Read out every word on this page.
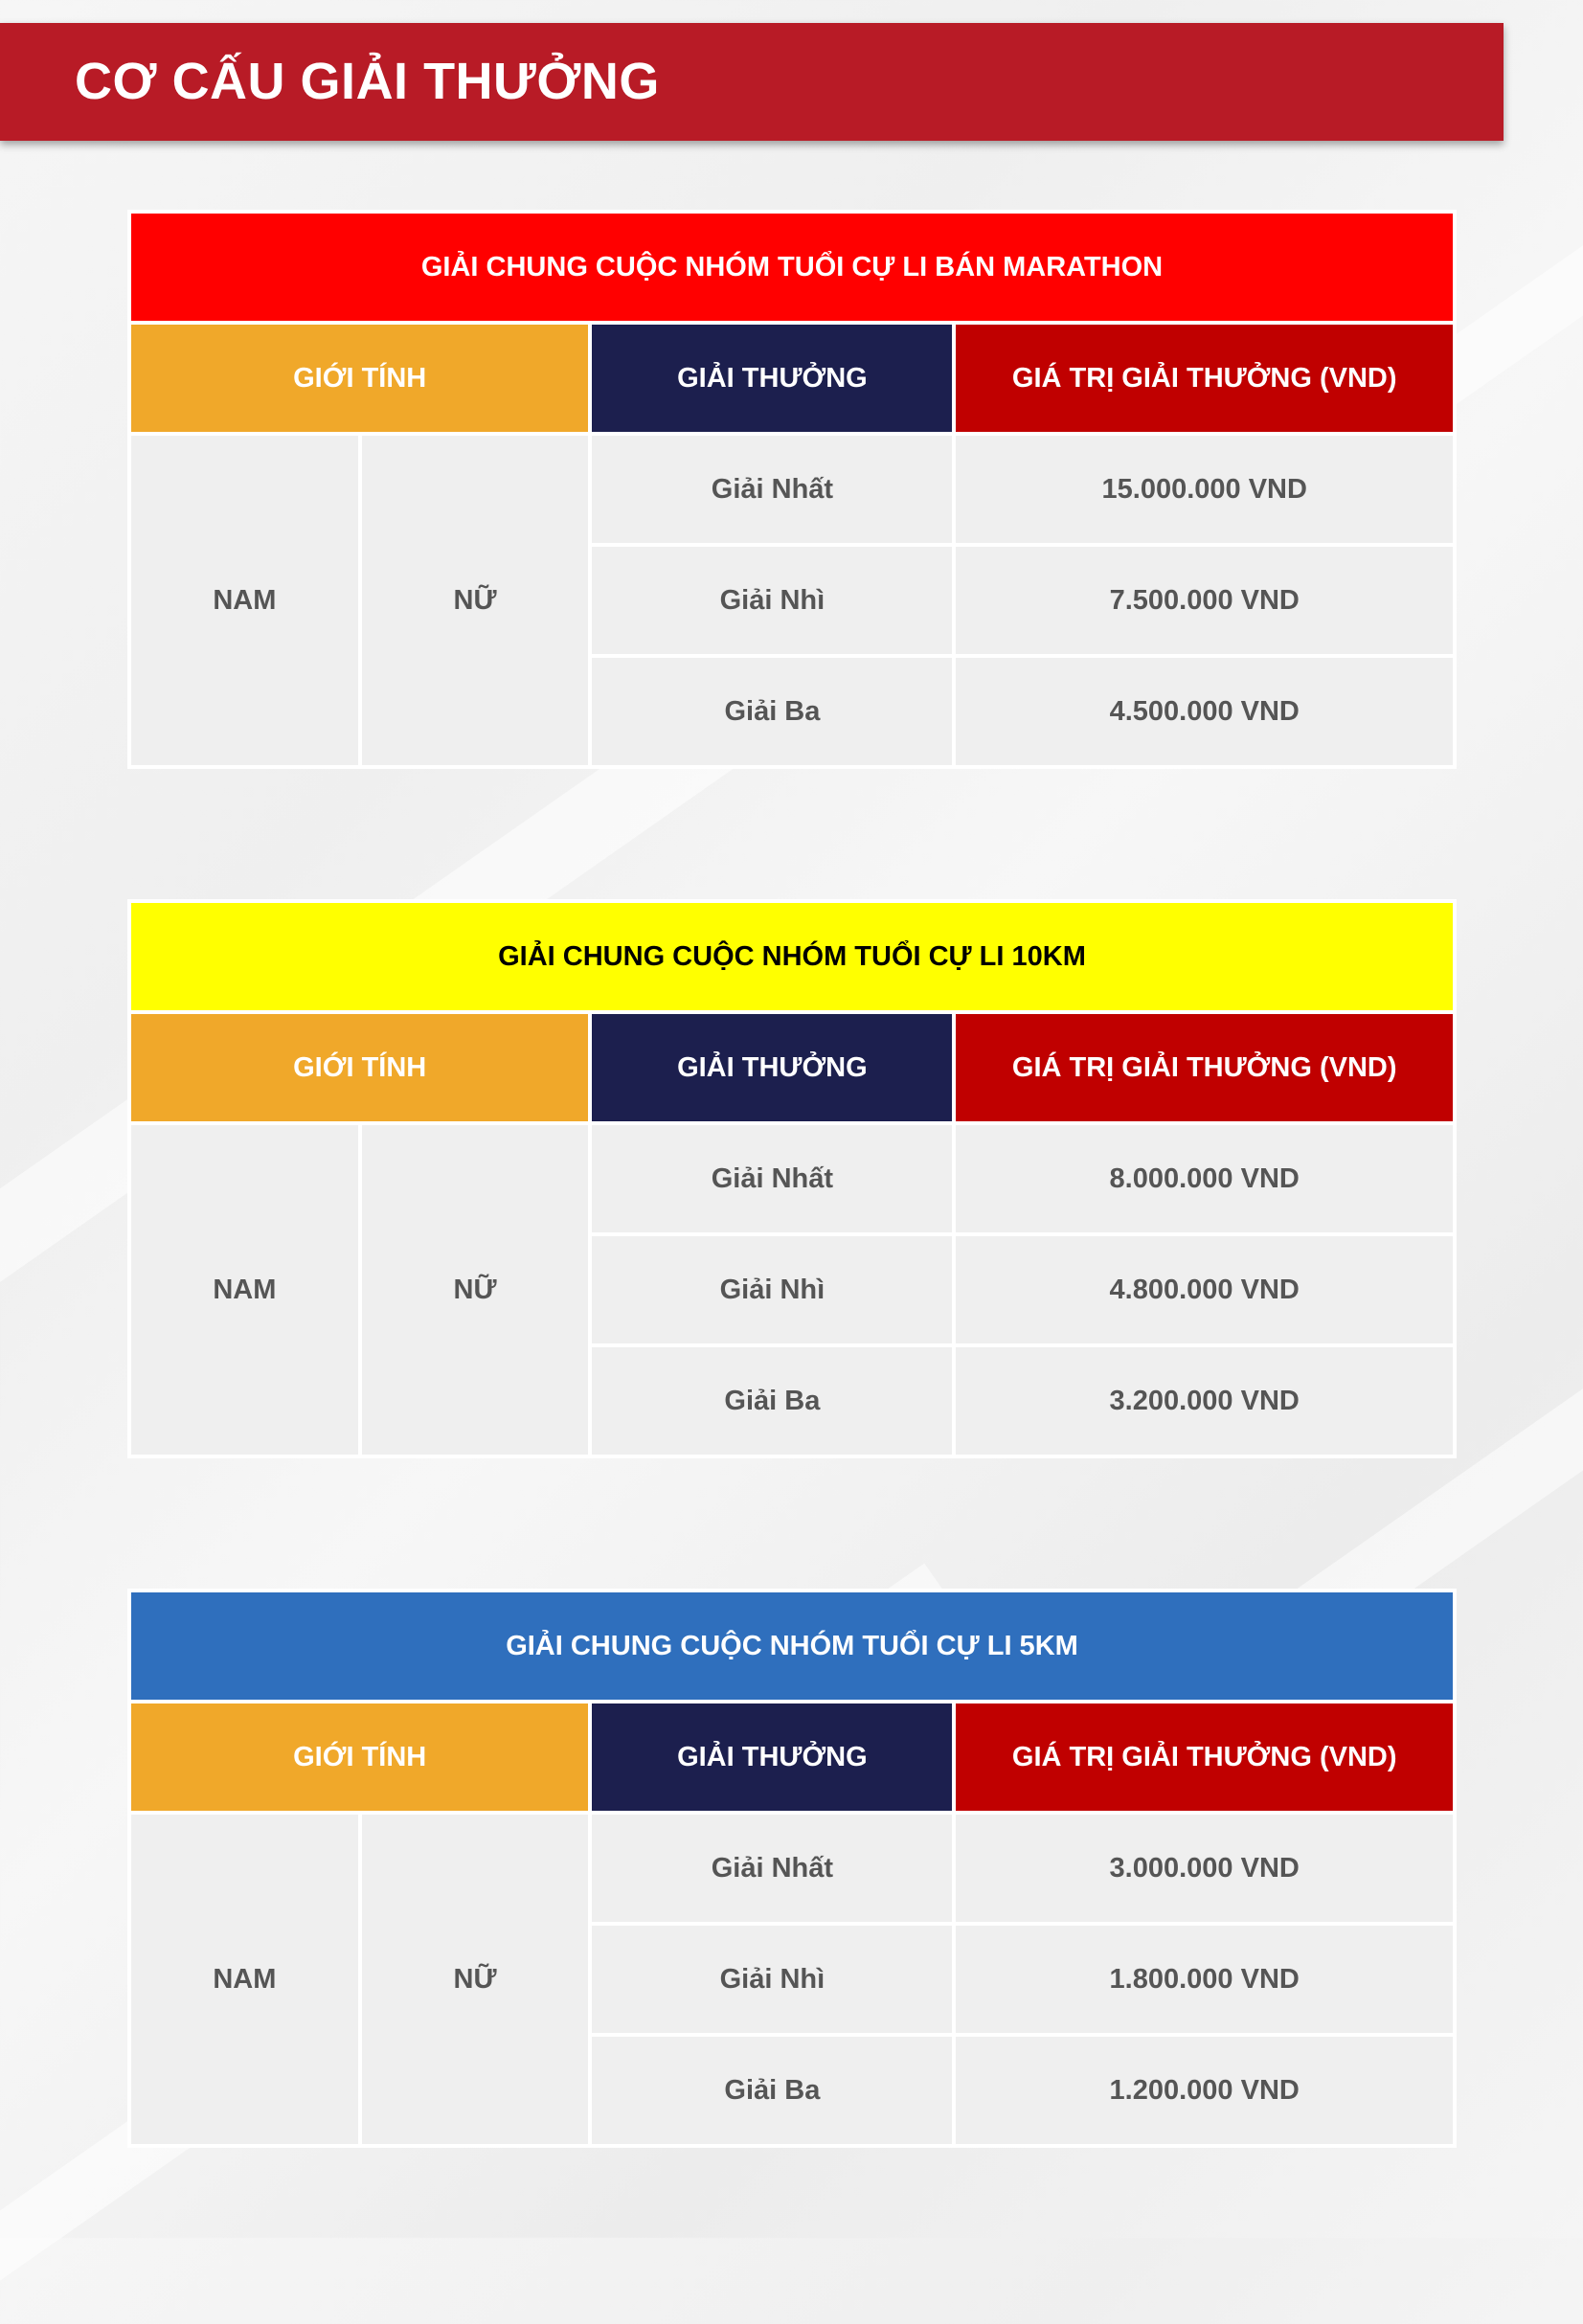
CƠ CẤU GIẢI THƯỞNG
GIẢI CHUNG CUỘC NHÓM TUỔI CỰ LI BÁN MARATHON			
GIỚI TÍNH		GIẢI THƯỞNG	GIÁ TRỊ GIẢI THƯỞNG (VND)
NAM	NỮ	Giải Nhất	15.000.000 VND
		Giải Nhì	7.500.000 VND
		Giải Ba	4.500.000 VND
GIẢI CHUNG CUỘC NHÓM TUỔI CỰ LI 10KM			
GIỚI TÍNH		GIẢI THƯỞNG	GIÁ TRỊ GIẢI THƯỞNG (VND)
NAM	NỮ	Giải Nhất	8.000.000 VND
		Giải Nhì	4.800.000 VND
		Giải Ba	3.200.000 VND
GIẢI CHUNG CUỘC NHÓM TUỔI CỰ LI 5KM			
GIỚI TÍNH		GIẢI THƯỞNG	GIÁ TRỊ GIẢI THƯỞNG (VND)
NAM	NỮ	Giải Nhất	3.000.000 VND
		Giải Nhì	1.800.000 VND
		Giải Ba	1.200.000 VND
